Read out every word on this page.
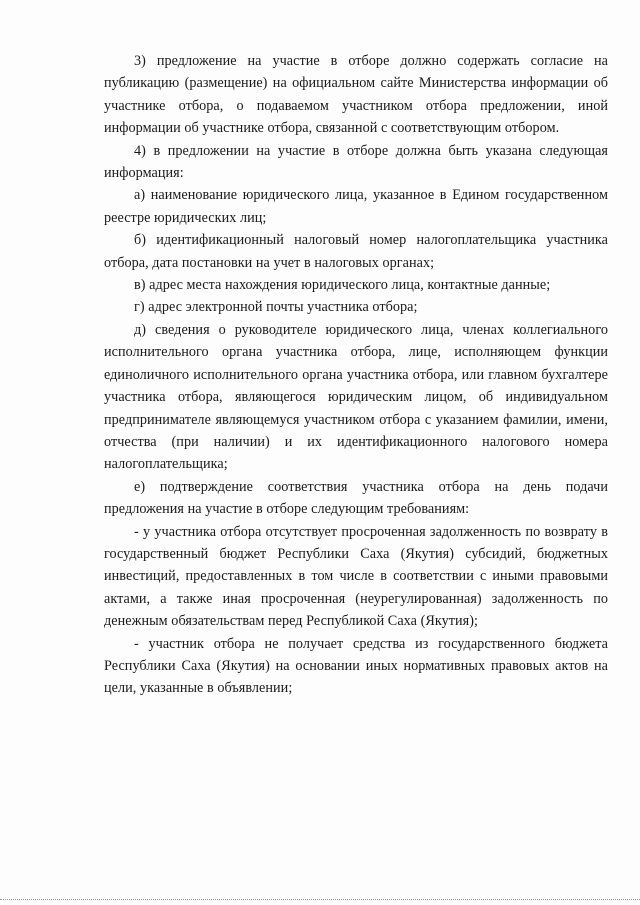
3) предложение на участие в отборе должно содержать согласие на публикацию (размещение) на официальном сайте Министерства информации об участнике отбора, о подаваемом участником отбора предложении, иной информации об участнике отбора, связанной с соответствующим отбором.

4) в предложении на участие в отборе должна быть указана следующая информация:

а) наименование юридического лица, указанное в Едином государственном реестре юридических лиц;

б) идентификационный налоговый номер налогоплательщика участника отбора, дата постановки на учет в налоговых органах;

в) адрес места нахождения юридического лица, контактные данные;

г) адрес электронной почты участника отбора;

д) сведения о руководителе юридического лица, членах коллегиального исполнительного органа участника отбора, лице, исполняющем функции единоличного исполнительного органа участника отбора, или главном бухгалтере участника отбора, являющегося юридическим лицом, об индивидуальном предпринимателе являющемуся участником отбора с указанием фамилии, имени, отчества (при наличии) и их идентификационного налогового номера налогоплательщика;

е) подтверждение соответствия участника отбора на день подачи предложения на участие в отборе следующим требованиям:

- у участника отбора отсутствует просроченная задолженность по возврату в государственный бюджет Республики Саха (Якутия) субсидий, бюджетных инвестиций, предоставленных в том числе в соответствии с иными правовыми актами, а также иная просроченная (неурегулированная) задолженность по денежным обязательствам перед Республикой Саха (Якутия);

- участник отбора не получает средства из государственного бюджета Республики Саха (Якутия) на основании иных нормативных правовых актов на цели, указанные в объявлении;
